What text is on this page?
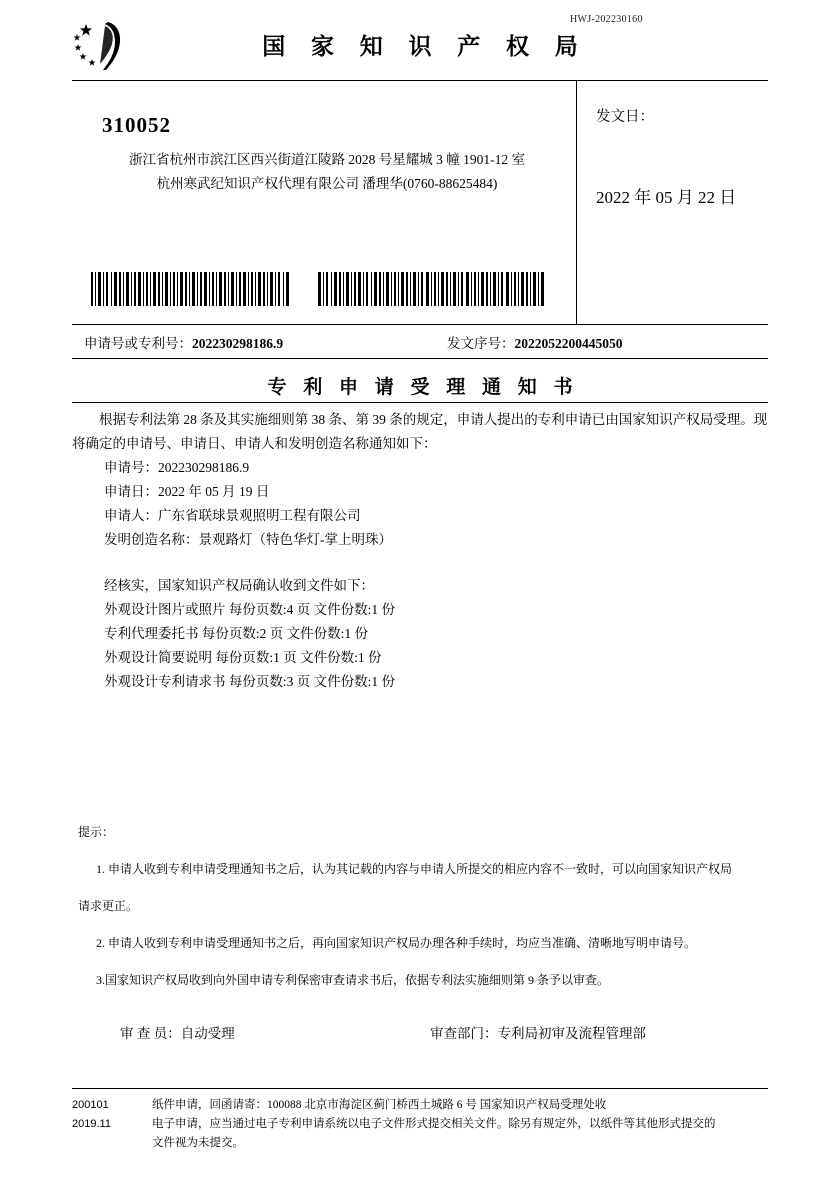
HWJ-202230160
国 家 知 识 产 权 局
310052
浙江省杭州市滨江区西兴街道江陵路 2028 号星耀城 3 幢 1901-12 室
杭州寒武纪知识产权代理有限公司 潘理华(0760-88625484)
发文日：
2022 年 05 月 22 日
申请号或专利号：202230298186.9	发文序号：2022052200445050
专 利 申 请 受 理 通 知 书

根据专利法第 28 条及其实施细则第 38 条、第 39 条的规定，申请人提出的专利申请已由国家知识产权局受理。现将确定的申请号、申请日、申请人和发明创造名称通知如下：

申请号：202230298186.9

申请日：2022 年 05 月 19 日

申请人：广东省联球景观照明工程有限公司

发明创造名称：景观路灯（特色华灯-掌上明珠）

经核实，国家知识产权局确认收到文件如下：

外观设计图片或照片 每份页数:4 页 文件份数:1 份

专利代理委托书 每份页数:2 页 文件份数:1 份

外观设计简要说明 每份页数:1 页 文件份数:1 份

外观设计专利请求书 每份页数:3 页 文件份数:1 份

提示：

1. 申请人收到专利申请受理通知书之后，认为其记载的内容与申请人所提交的相应内容不一致时，可以向国家知识产权局

请求更正。

2. 申请人收到专利申请受理通知书之后，再向国家知识产权局办理各种手续时，均应当准确、清晰地写明申请号。

3.国家知识产权局收到向外国申请专利保密审查请求书后，依据专利法实施细则第 9 条予以审查。

审 查 员：自动受理	审查部门：专利局初审及流程管理部
200101
2019.11
纸件申请，回函请寄：100088 北京市海淀区蓟门桥西土城路 6 号 国家知识产权局受理处收
电子申请，应当通过电子专利申请系统以电子文件形式提交相关文件。除另有规定外，以纸件等其他形式提交的
文件视为未提交。
